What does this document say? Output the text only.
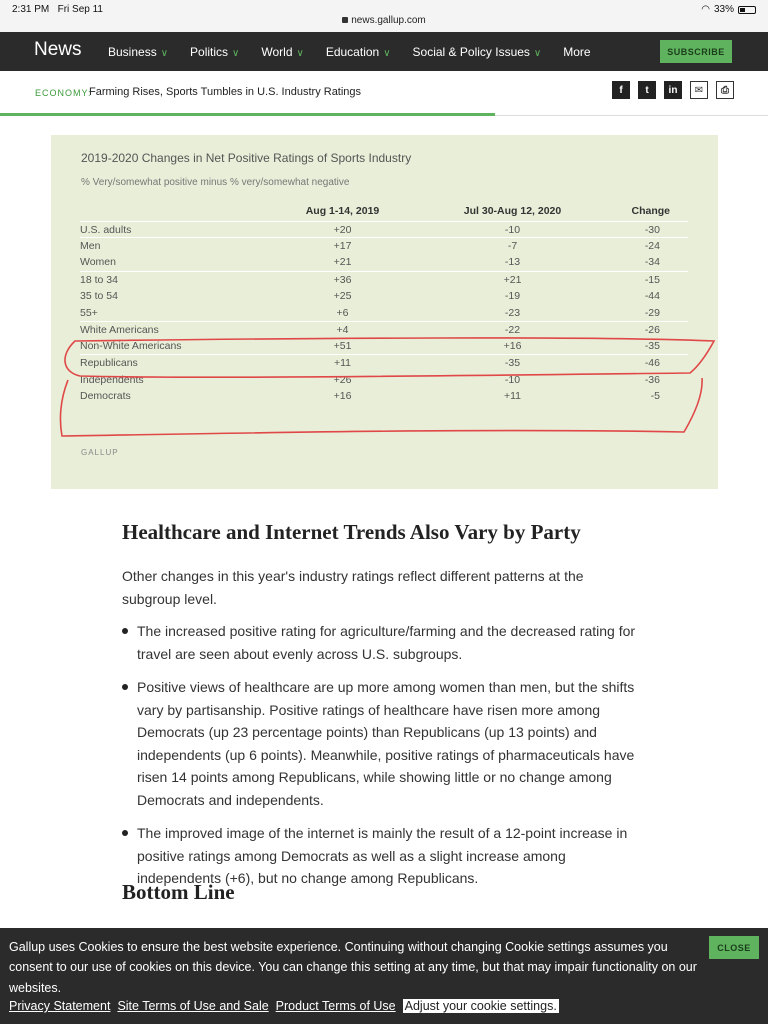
2:31 PM Fri Sep 11
news.gallup.com
◠ 33%
News Business ∨ Politics ∨ World ∨ Education ∨ Social & Policy Issues ∨ More	SUBSCRIBE
ECONOMY:
Farming Rises, Sports Tumbles in U.S. Industry Ratings	f	t	in	✉	⎙
2019-2020 Changes in Net Positive Ratings of Sports Industry
% Very/somewhat positive minus % very/somewhat negative
	Aug 1-14, 2019	Jul 30-Aug 12, 2020	Change
U.S. adults	+20	-10	-30
Men	+17	-7	-24
Women	+21	-13	-34
18 to 34	+36	+21	-15
35 to 54	+25	-19	-44
55+	+6	-23	-29
White Americans	+4	-22	-26
Non-White Americans	+51	+16	-35
Republicans	+11	-35	-46
Independents	+26	-10	-36
Democrats	+16	+11	-5
GALLUP
Healthcare and Internet Trends Also Vary by Party

Other changes in this year's industry ratings reflect different patterns at the subgroup level.

The increased positive rating for agriculture/farming and the decreased rating for travel are seen about evenly across U.S. subgroups.
Positive views of healthcare are up more among women than men, but the shifts vary by partisanship. Positive ratings of healthcare have risen more among Democrats (up 23 percentage points) than Republicans (up 13 points) and independents (up 6 points). Meanwhile, positive ratings of pharmaceuticals have risen 14 points among Republicans, while showing little or no change among Democrats and independents.
The improved image of the internet is mainly the result of a 12-point increase in positive ratings among Democrats as well as a slight increase among independents (+6), but no change among Republicans.
Bottom Line
Gallup uses Cookies to ensure the best website experience. Continuing without changing Cookie settings assumes you consent to our use of cookies on this device. You can change this setting at any time, but that may impair functionality on our websites.
CLOSE
Privacy Statement Site Terms of Use and Sale Product Terms of Use Adjust your cookie settings.
